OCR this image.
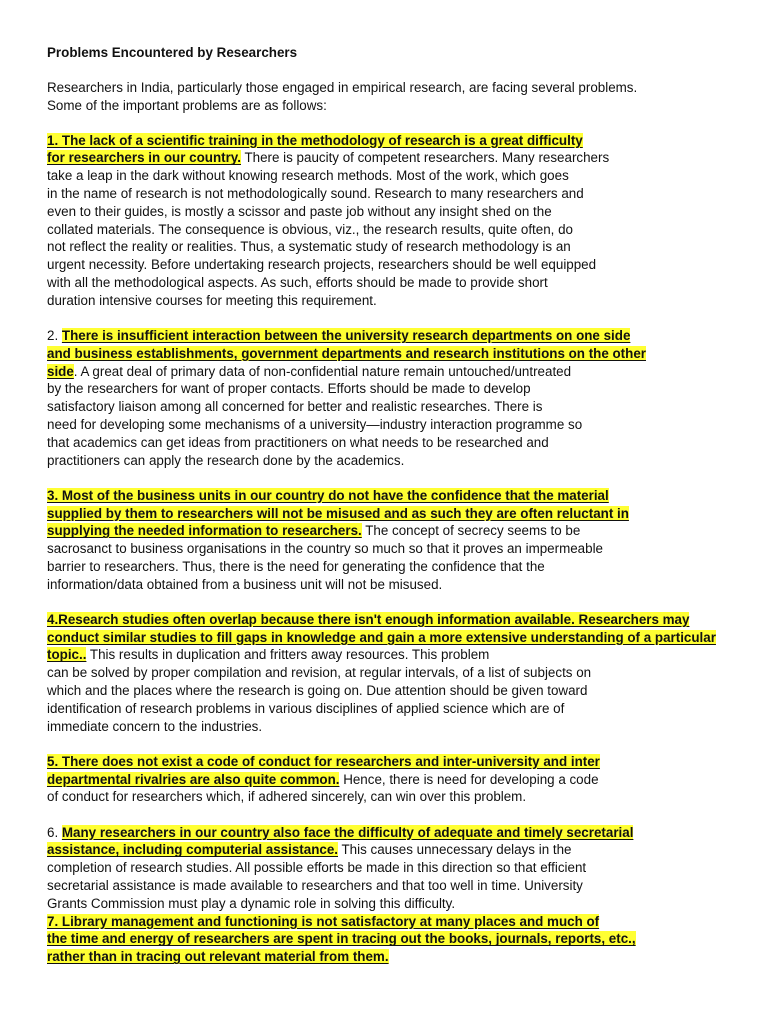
Problems Encountered by Researchers
Researchers in India, particularly those engaged in empirical research, are facing several problems.
Some of the important problems are as follows:
1. The lack of a scientific training in the methodology of research is a great difficulty
for researchers in our country. There is paucity of competent researchers. Many researchers
take a leap in the dark without knowing research methods. Most of the work, which goes
in the name of research is not methodologically sound. Research to many researchers and
even to their guides, is mostly a scissor and paste job without any insight shed on the
collated materials. The consequence is obvious, viz., the research results, quite often, do
not reflect the reality or realities. Thus, a systematic study of research methodology is an
urgent necessity. Before undertaking research projects, researchers should be well equipped
with all the methodological aspects. As such, efforts should be made to provide short
duration intensive courses for meeting this requirement.
2. There is insufficient interaction between the university research departments on one side
and business establishments, government departments and research institutions on the other
side. A great deal of primary data of non-confidential nature remain untouched/untreated
by the researchers for want of proper contacts. Efforts should be made to develop
satisfactory liaison among all concerned for better and realistic researches. There is
need for developing some mechanisms of a university—industry interaction programme so
that academics can get ideas from practitioners on what needs to be researched and
practitioners can apply the research done by the academics.
3. Most of the business units in our country do not have the confidence that the material
supplied by them to researchers will not be misused and as such they are often reluctant in
supplying the needed information to researchers. The concept of secrecy seems to be
sacrosanct to business organisations in the country so much so that it proves an impermeable
barrier to researchers. Thus, there is the need for generating the confidence that the
information/data obtained from a business unit will not be misused.
4.Research studies often overlap because there isn't enough information available. Researchers may
conduct similar studies to fill gaps in knowledge and gain a more extensive understanding of a particular
topic.. This results in duplication and fritters away resources. This problem
can be solved by proper compilation and revision, at regular intervals, of a list of subjects on
which and the places where the research is going on. Due attention should be given toward
identification of research problems in various disciplines of applied science which are of
immediate concern to the industries.
5. There does not exist a code of conduct for researchers and inter-university and inter
departmental rivalries are also quite common. Hence, there is need for developing a code
of conduct for researchers which, if adhered sincerely, can win over this problem.
6. Many researchers in our country also face the difficulty of adequate and timely secretarial
assistance, including computerial assistance. This causes unnecessary delays in the
completion of research studies. All possible efforts be made in this direction so that efficient
secretarial assistance is made available to researchers and that too well in time. University
Grants Commission must play a dynamic role in solving this difficulty.
7. Library management and functioning is not satisfactory at many places and much of
the time and energy of researchers are spent in tracing out the books, journals, reports, etc.,
rather than in tracing out relevant material from them.
